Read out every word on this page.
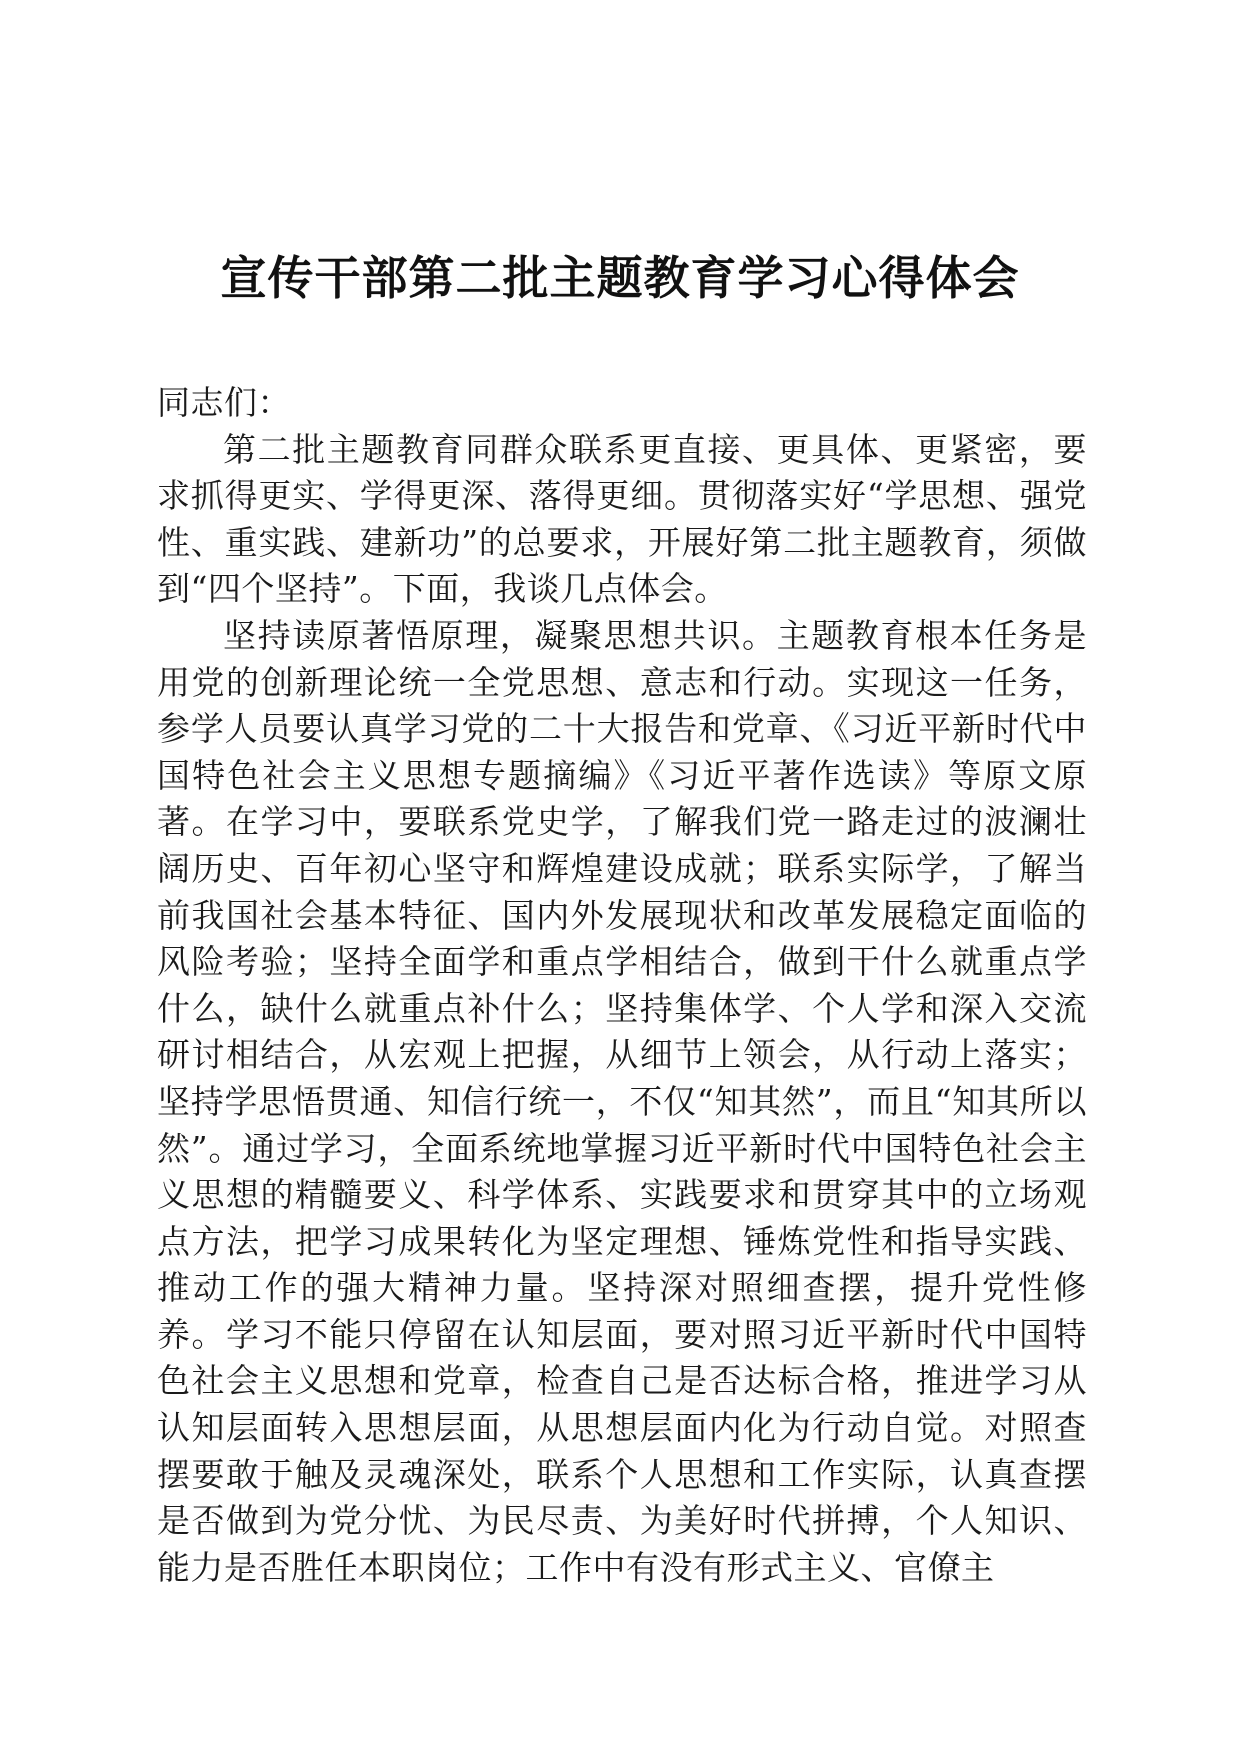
宣传干部第二批主题教育学习心得体会

同志们：

第二批主题教育同群众联系更直接、更具体、更紧密，要求抓得更实、学得更深、落得更细。贯彻落实好“学思想、强党性、重实践、建新功”的总要求，开展好第二批主题教育，须做到“四个坚持”。下面，我谈几点体会。

坚持读原著悟原理，凝聚思想共识。主题教育根本任务是用党的创新理论统一全党思想、意志和行动。实现这一任务，参学人员要认真学习党的二十大报告和党章、《习近平新时代中国特色社会主义思想专题摘编》《习近平著作选读》等原文原著。在学习中，要联系党史学，了解我们党一路走过的波澜壮阔历史、百年初心坚守和辉煌建设成就；联系实际学，了解当前我国社会基本特征、国内外发展现状和改革发展稳定面临的风险考验；坚持全面学和重点学相结合，做到干什么就重点学什么，缺什么就重点补什么；坚持集体学、个人学和深入交流研讨相结合，从宏观上把握，从细节上领会，从行动上落实；坚持学思悟贯通、知信行统一，不仅“知其然”，而且“知其所以然”。通过学习，全面系统地掌握习近平新时代中国特色社会主义思想的精髓要义、科学体系、实践要求和贯穿其中的立场观点方法，把学习成果转化为坚定理想、锤炼党性和指导实践、推动工作的强大精神力量。坚持深对照细查摆，提升党性修养。学习不能只停留在认知层面，要对照习近平新时代中国特色社会主义思想和党章，检查自己是否达标合格，推进学习从认知层面转入思想层面，从思想层面内化为行动自觉。对照查摆要敢于触及灵魂深处，联系个人思想和工作实际，认真查摆是否做到为党分忧、为民尽责、为美好时代拼搏，个人知识、能力是否胜任本职岗位；工作中有没有形式主义、官僚主
